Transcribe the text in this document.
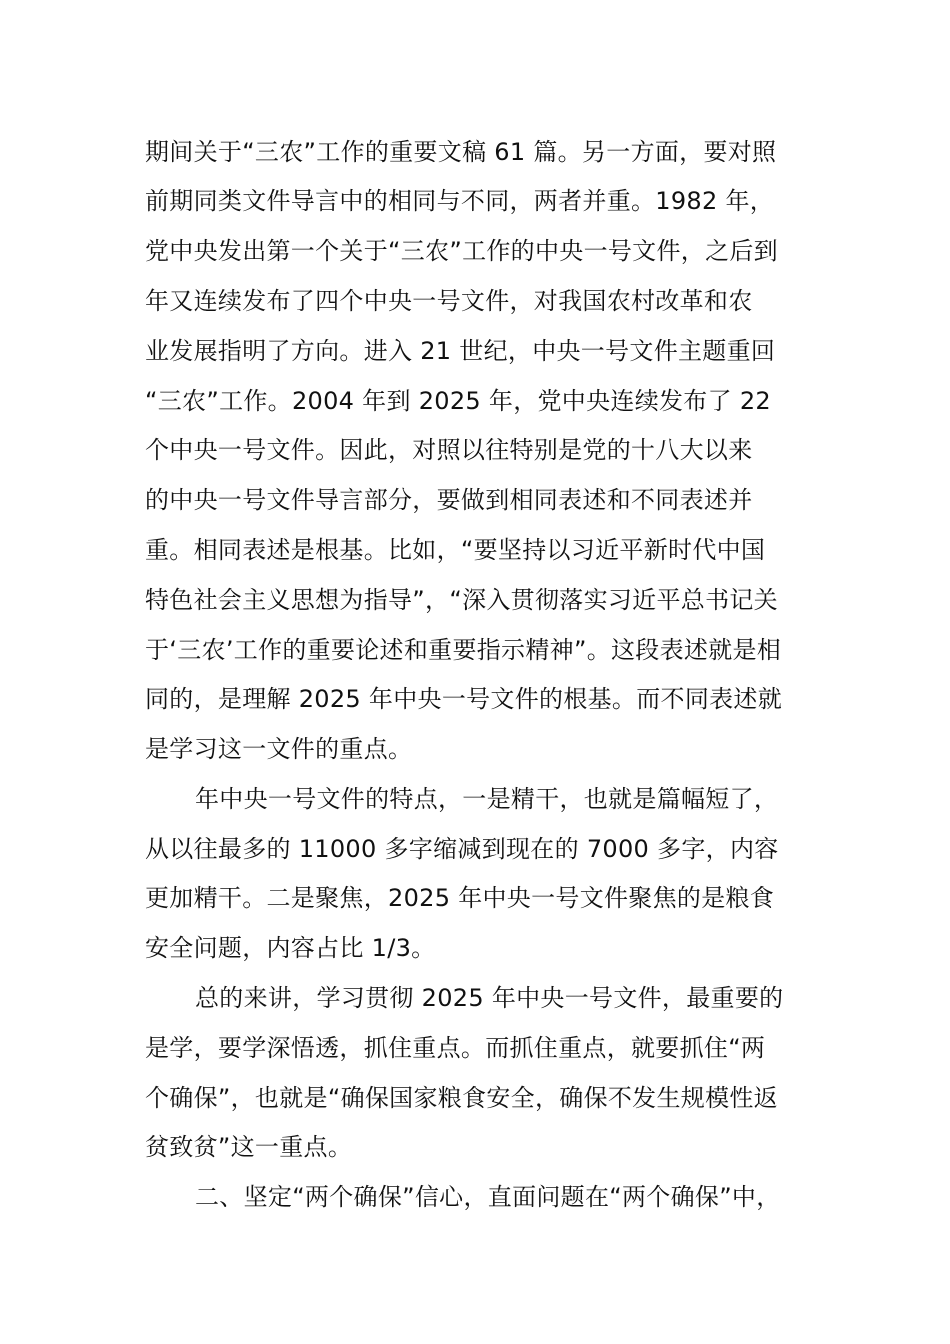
期间关于“三农”工作的重要文稿 61 篇。另一方面，要对照
前期同类文件导言中的相同与不同，两者并重。1982 年，
党中央发出第一个关于“三农”工作的中央一号文件，之后到
年又连续发布了四个中央一号文件，对我国农村改革和农
业发展指明了方向。进入 21 世纪，中央一号文件主题重回
“三农”工作。2004 年到 2025 年，党中央连续发布了 22
个中央一号文件。因此，对照以往特别是党的十八大以来
的中央一号文件导言部分，要做到相同表述和不同表述并
重。相同表述是根基。比如，“要坚持以习近平新时代中国
特色社会主义思想为指导”，“深入贯彻落实习近平总书记关
于‘三农’工作的重要论述和重要指示精神”。这段表述就是相
同的，是理解 2025 年中央一号文件的根基。而不同表述就
是学习这一文件的重点。
年中央一号文件的特点，一是精干，也就是篇幅短了，
从以往最多的 11000 多字缩减到现在的 7000 多字，内容
更加精干。二是聚焦，2025 年中央一号文件聚焦的是粮食
安全问题，内容占比 1/3。
总的来讲，学习贯彻 2025 年中央一号文件，最重要的
是学，要学深悟透，抓住重点。而抓住重点，就要抓住“两
个确保”，也就是“确保国家粮食安全，确保不发生规模性返
贫致贫”这一重点。
二、坚定“两个确保”信心，直面问题在“两个确保”中，
